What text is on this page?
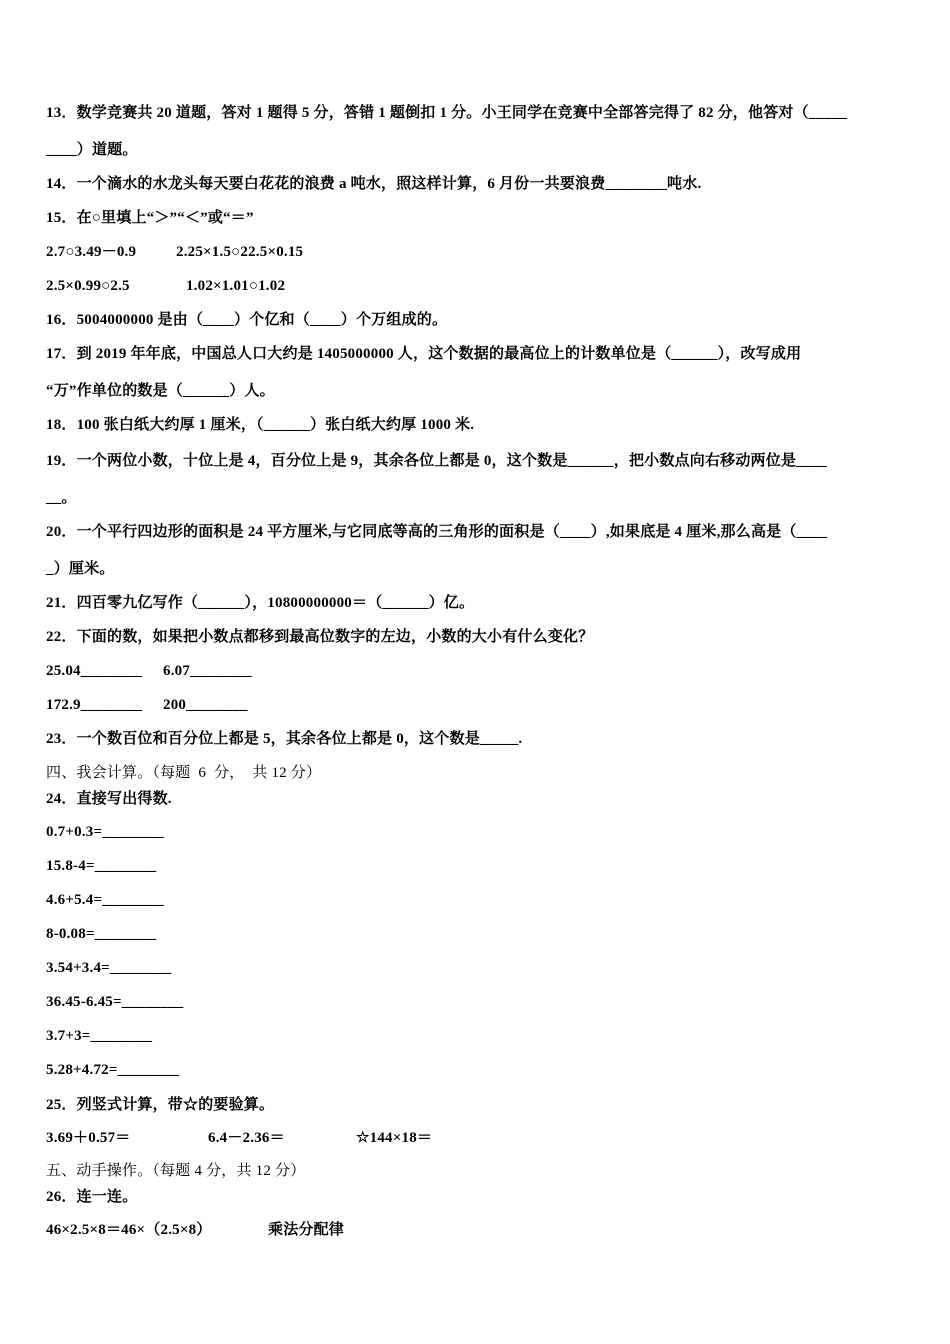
13．数学竞赛共 20 道题，答对 1 题得 5 分，答错 1 题倒扣 1 分。小王同学在竞赛中全部答完得了 82 分，他答对（_____
____）道题。
14．一个滴水的水龙头每天要白花花的浪费 a 吨水，照这样计算，6 月份一共要浪费________吨水.
15．在○里填上“＞”“＜”或“＝”
2.7○3.49－0.9	2.25×1.5○22.5×0.15
2.5×0.99○2.5	1.02×1.01○1.02
16．5004000000 是由（____）个亿和（____）个万组成的。
17．到 2019 年年底，中国总人口大约是 1405000000 人，这个数据的最高位上的计数单位是（______），改写成用
“万”作单位的数是（______）人。
18．100 张白纸大约厚 1 厘米，（______）张白纸大约厚 1000 米.
19．一个两位小数，十位上是 4，百分位上是 9，其余各位上都是 0，这个数是______，把小数点向右移动两位是____
__。
20．一个平行四边形的面积是 24 平方厘米,与它同底等高的三角形的面积是（____）,如果底是 4 厘米,那么高是（____
_）厘米。
21．四百零九亿写作（______），10800000000＝（______）亿。
22．下面的数，如果把小数点都移到最高位数字的左边，小数的大小有什么变化？
25.04________ 6.07________
172.9________ 200________
23．一个数百位和百分位上都是 5，其余各位上都是 0，这个数是_____.
四、我会计算。（每题  6  分，  共 12 分）
24．直接写出得数.
0.7+0.3=________
15.8-4=________
4.6+5.4=________
8-0.08=________
3.54+3.4=________
36.45-6.45=________
3.7+3=________
5.28+4.72=________
25．列竖式计算，带☆的要验算。
3.69＋0.57＝	6.4－2.36＝	☆144×18＝
五、动手操作。（每题 4 分，共 12 分）
26．连一连。
46×2.5×8＝46×（2.5×8）	乘法分配律
